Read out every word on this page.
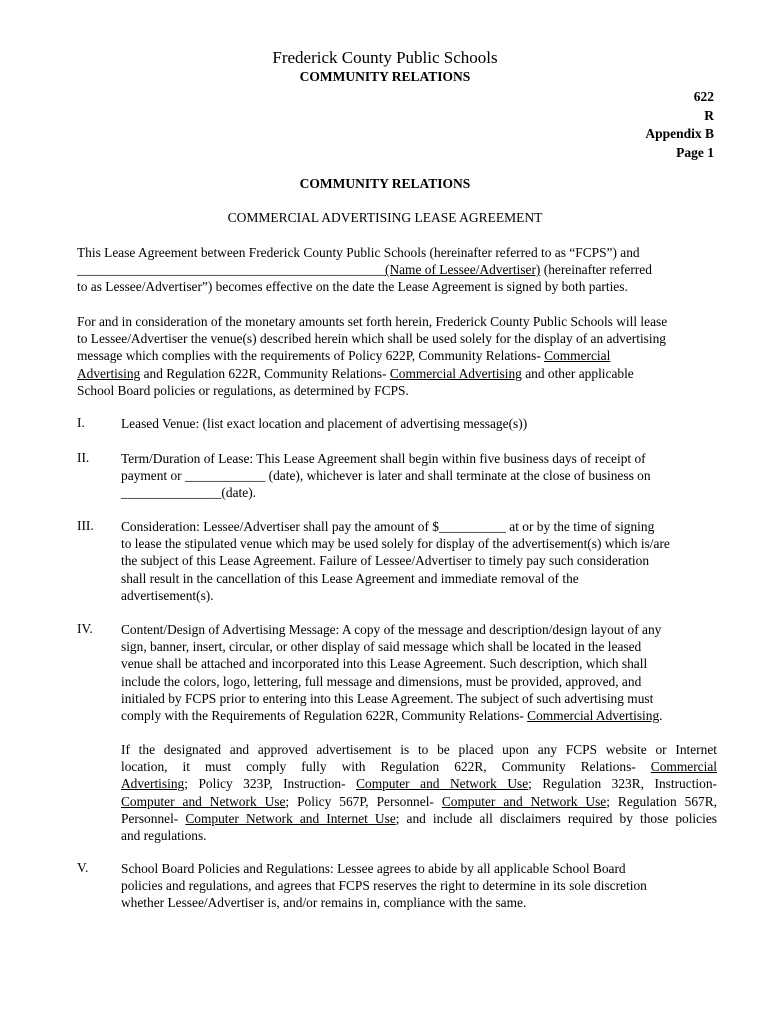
Frederick County Public Schools
COMMUNITY RELATIONS
622
R
Appendix B
Page 1
COMMUNITY RELATIONS
COMMERCIAL ADVERTISING LEASE AGREEMENT
This Lease Agreement between Frederick County Public Schools (hereinafter referred to as “FCPS”) and
______________________________________________(Name of Lessee/Advertiser) (hereinafter referred
to as Lessee/Advertiser”) becomes effective on the date the Lease Agreement is signed by both parties.
For and in consideration of the monetary amounts set forth herein, Frederick County Public Schools will lease
to Lessee/Advertiser the venue(s) described herein which shall be used solely for the display of an advertising
message which complies with the requirements of Policy 622P, Community Relations- Commercial
Advertising and Regulation 622R, Community Relations- Commercial Advertising and other applicable
School Board policies or regulations, as determined by FCPS.
I.	Leased Venue: (list exact location and placement of advertising message(s))
II. Term/Duration of Lease: This Lease Agreement shall begin within five business days of receipt of
payment or ____________ (date), whichever is later and shall terminate at the close of business on
_______________(date).
III. Consideration: Lessee/Advertiser shall pay the amount of $__________ at or by the time of signing
to lease the stipulated venue which may be used solely for display of the advertisement(s) which is/are
the subject of this Lease Agreement. Failure of Lessee/Advertiser to timely pay such consideration
shall result in the cancellation of this Lease Agreement and immediate removal of the
advertisement(s).
IV. Content/Design of Advertising Message: A copy of the message and description/design layout of any
sign, banner, insert, circular, or other display of said message which shall be located in the leased
venue shall be attached and incorporated into this Lease Agreement. Such description, which shall
include the colors, logo, lettering, full message and dimensions, must be provided, approved, and
initialed by FCPS prior to entering into this Lease Agreement. The subject of such advertising must
comply with the Requirements of Regulation 622R, Community Relations- Commercial Advertising.
If the designated and approved advertisement is to be placed upon any FCPS website or Internet
location, it must comply fully with Regulation 622R, Community Relations- Commercial
Advertising; Policy 323P, Instruction- Computer and Network Use; Regulation 323R, Instruction-
Computer and Network Use; Policy 567P, Personnel- Computer and Network Use; Regulation 567R,
Personnel- Computer Network and Internet Use; and include all disclaimers required by those policies
and regulations.
V. School Board Policies and Regulations: Lessee agrees to abide by all applicable School Board
policies and regulations, and agrees that FCPS reserves the right to determine in its sole discretion
whether Lessee/Advertiser is, and/or remains in, compliance with the same.
